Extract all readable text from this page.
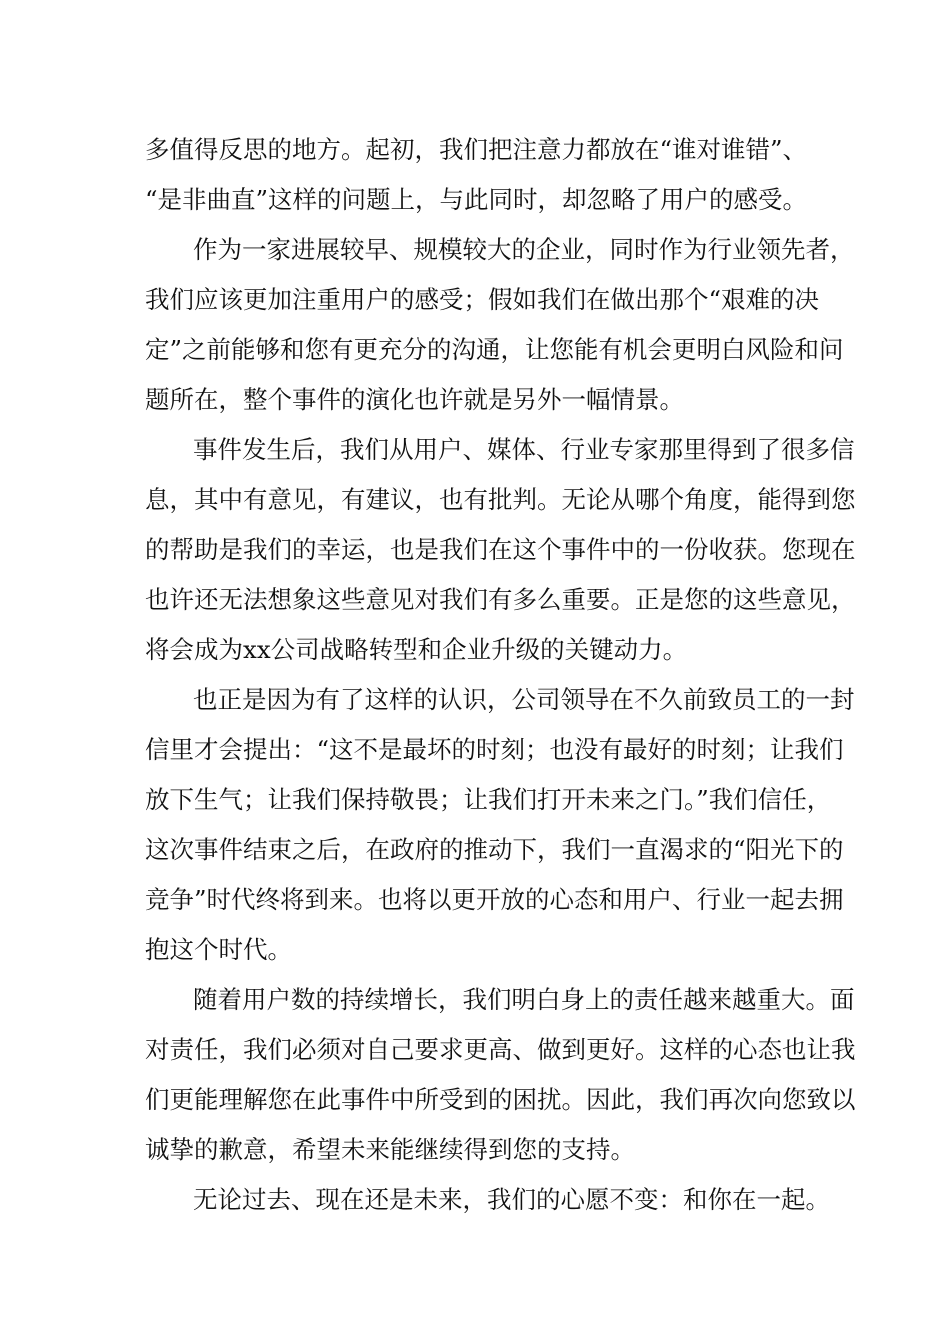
多值得反思的地方。起初，我们把注意力都放在“谁对谁错”、

“是非曲直”这样的问题上，与此同时，却忽略了用户的感受。

作为一家进展较早、规模较大的企业，同时作为行业领先者，

我们应该更加注重用户的感受；假如我们在做出那个“艰难的决

定”之前能够和您有更充分的沟通，让您能有机会更明白风险和问

题所在，整个事件的演化也许就是另外一幅情景。

事件发生后，我们从用户、媒体、行业专家那里得到了很多信

息，其中有意见，有建议，也有批判。无论从哪个角度，能得到您

的帮助是我们的幸运，也是我们在这个事件中的一份收获。您现在

也许还无法想象这些意见对我们有多么重要。正是您的这些意见，

将会成为xx公司战略转型和企业升级的关键动力。

也正是因为有了这样的认识，公司领导在不久前致员工的一封

信里才会提出：“这不是最坏的时刻；也没有最好的时刻；让我们

放下生气；让我们保持敬畏；让我们打开未来之门。”我们信任，

这次事件结束之后，在政府的推动下，我们一直渴求的“阳光下的

竞争”时代终将到来。也将以更开放的心态和用户、行业一起去拥

抱这个时代。

随着用户数的持续增长，我们明白身上的责任越来越重大。面

对责任，我们必须对自己要求更高、做到更好。这样的心态也让我

们更能理解您在此事件中所受到的困扰。因此，我们再次向您致以

诚挚的歉意，希望未来能继续得到您的支持。

无论过去、现在还是未来，我们的心愿不变：和你在一起。
